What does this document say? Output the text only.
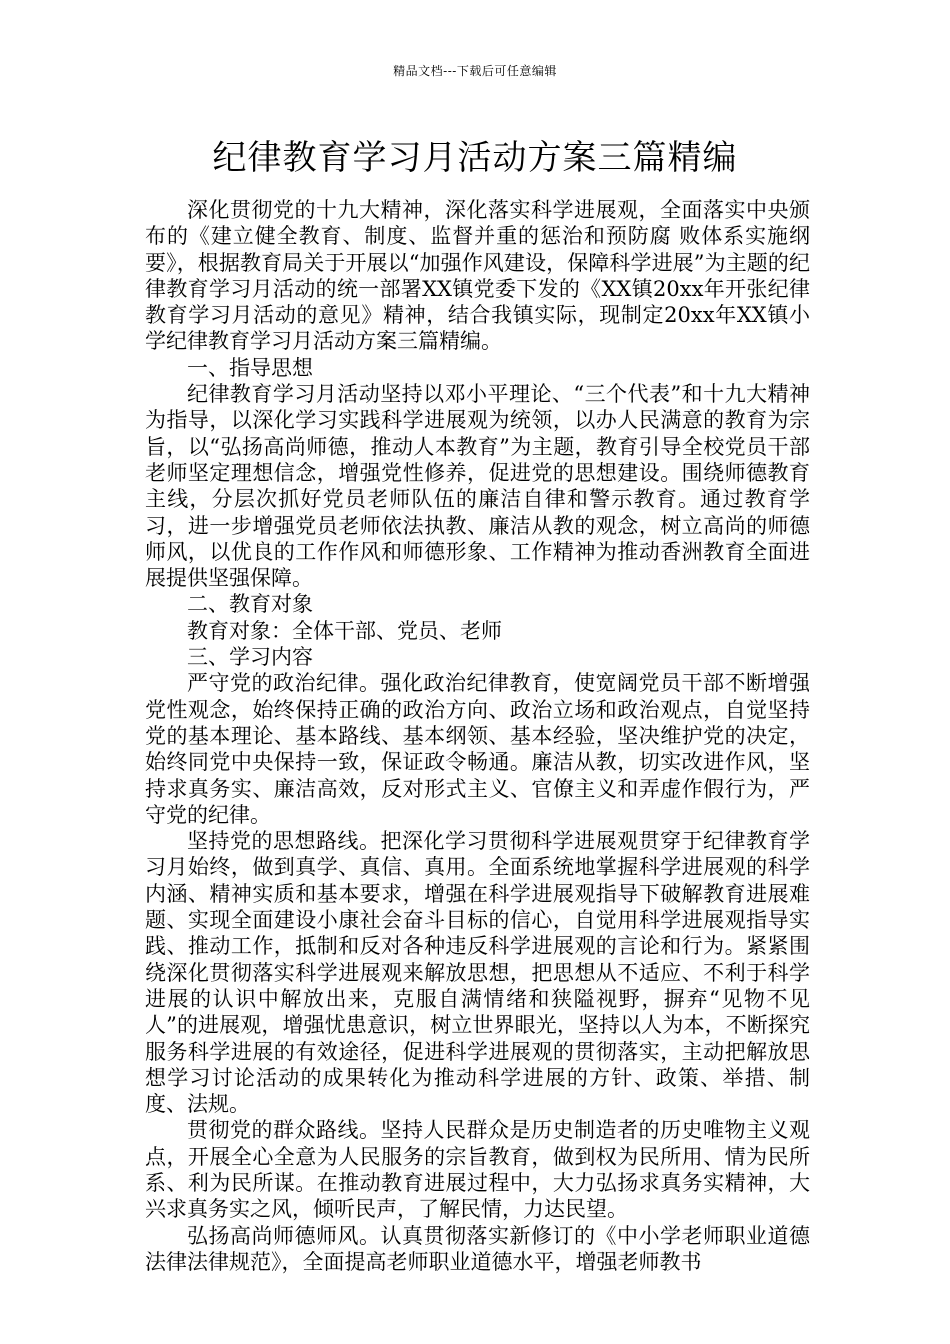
精品文档---下载后可任意编辑
纪律教育学习月活动方案三篇精编

深化贯彻党的十九大精神，深化落实科学进展观，全面落实中央颁布的《建立健全教育、制度、监督并重的惩治和预防腐 败体系实施纲要》，根据教育局关于开展以“加强作风建设，保障科学进展”为主题的纪律教育学习月活动的统一部署XX镇党委下发的《XX镇20xx年开张纪律教育学习月活动的意见》精神，结合我镇实际，现制定20xx年XX镇小学纪律教育学习月活动方案三篇精编。

一、指导思想

纪律教育学习月活动坚持以邓小平理论、“三个代表”和十九大精神为指导，以深化学习实践科学进展观为统领，以办人民满意的教育为宗旨，以“弘扬高尚师德，推动人本教育”为主题，教育引导全校党员干部老师坚定理想信念，增强党性修养，促进党的思想建设。围绕师德教育主线，分层次抓好党员老师队伍的廉洁自律和警示教育。通过教育学习，进一步增强党员老师依法执教、廉洁从教的观念，树立高尚的师德师风，以优良的工作作风和师德形象、工作精神为推动香洲教育全面进展提供坚强保障。

二、教育对象

教育对象：全体干部、党员、老师

三、学习内容

严守党的政治纪律。强化政治纪律教育，使宽阔党员干部不断增强党性观念，始终保持正确的政治方向、政治立场和政治观点，自觉坚持党的基本理论、基本路线、基本纲领、基本经验，坚决维护党的决定，始终同党中央保持一致，保证政令畅通。廉洁从教，切实改进作风，坚持求真务实、廉洁高效，反对形式主义、官僚主义和弄虚作假行为，严守党的纪律。

坚持党的思想路线。把深化学习贯彻科学进展观贯穿于纪律教育学习月始终，做到真学、真信、真用。全面系统地掌握科学进展观的科学内涵、精神实质和基本要求，增强在科学进展观指导下破解教育进展难题、实现全面建设小康社会奋斗目标的信心，自觉用科学进展观指导实践、推动工作，抵制和反对各种违反科学进展观的言论和行为。紧紧围绕深化贯彻落实科学进展观来解放思想，把思想从不适应、不利于科学进展的认识中解放出来，克服自满情绪和狭隘视野，摒弃“见物不见人”的进展观，增强忧患意识，树立世界眼光，坚持以人为本，不断探究服务科学进展的有效途径，促进科学进展观的贯彻落实，主动把解放思想学习讨论活动的成果转化为推动科学进展的方针、政策、举措、制度、法规。

贯彻党的群众路线。坚持人民群众是历史制造者的历史唯物主义观点，开展全心全意为人民服务的宗旨教育，做到权为民所用、情为民所系、利为民所谋。在推动教育进展过程中，大力弘扬求真务实精神，大兴求真务实之风，倾听民声，了解民情，力达民望。

弘扬高尚师德师风。认真贯彻落实新修订的《中小学老师职业道德法律法律规范》，全面提高老师职业道德水平，增强老师教书
